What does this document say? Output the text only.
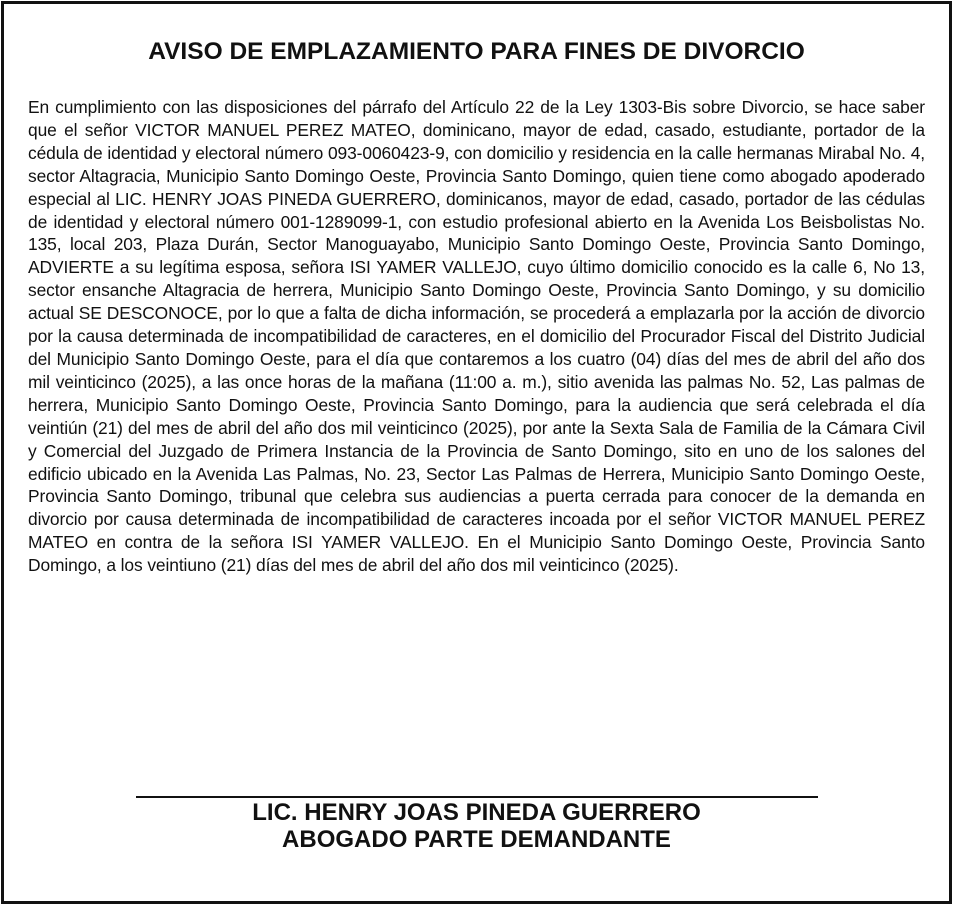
AVISO DE EMPLAZAMIENTO PARA FINES DE DIVORCIO

En cumplimiento con las disposiciones del párrafo del Artículo 22 de la Ley 1303-Bis sobre Divorcio, se hace saber que el señor VICTOR MANUEL PEREZ MATEO, dominicano, mayor de edad, casado, estudiante, portador de la cédula de identidad y electoral número 093-0060423-9, con domicilio y residencia en la calle hermanas Mirabal No. 4, sector Altagracia, Municipio Santo Domingo Oeste, Provincia Santo Domingo, quien tiene como abogado apoderado especial al LIC. HENRY JOAS PINEDA GUERRERO, dominicanos, mayor de edad, casado, portador de las cédulas de identidad y electoral número 001-1289099-1, con estudio profesional abierto en la Avenida Los Beisbolistas No. 135, local 203, Plaza Durán, Sector Manoguayabo, Municipio Santo Domingo Oeste, Provincia Santo Domingo, ADVIERTE a su legítima esposa, señora ISI YAMER VALLEJO, cuyo último domicilio conocido es la calle 6, No 13, sector ensanche Altagracia de herrera, Municipio Santo Domingo Oeste, Provincia Santo Domingo, y su domicilio actual SE DESCONOCE, por lo que a falta de dicha información, se procederá a emplazarla por la acción de divorcio por la causa determinada de incompatibilidad de caracteres, en el domicilio del Procurador Fiscal del Distrito Judicial del Municipio Santo Domingo Oeste, para el día que contaremos a los cuatro (04) días del mes de abril del año dos mil veinticinco (2025), a las once horas de la mañana (11:00 a. m.), sitio avenida las palmas No. 52, Las palmas de herrera, Municipio Santo Domingo Oeste, Provincia Santo Domingo, para la audiencia que será celebrada el día veintiún (21) del mes de abril del año dos mil veinticinco (2025), por ante la Sexta Sala de Familia de la Cámara Civil y Comercial del Juzgado de Primera Instancia de la Provincia de Santo Domingo, sito en uno de los salones del edificio ubicado en la Avenida Las Palmas, No. 23, Sector Las Palmas de Herrera, Municipio Santo Domingo Oeste, Provincia Santo Domingo, tribunal que celebra sus audiencias a puerta cerrada para conocer de la demanda en divorcio por causa determinada de incompatibilidad de caracteres incoada por el señor VICTOR MANUEL PEREZ MATEO en contra de la señora ISI YAMER VALLEJO. En el Municipio Santo Domingo Oeste, Provincia Santo Domingo, a los veintiuno (21) días del mes de abril del año dos mil veinticinco (2025).

LIC. HENRY JOAS PINEDA GUERRERO

ABOGADO PARTE DEMANDANTE
